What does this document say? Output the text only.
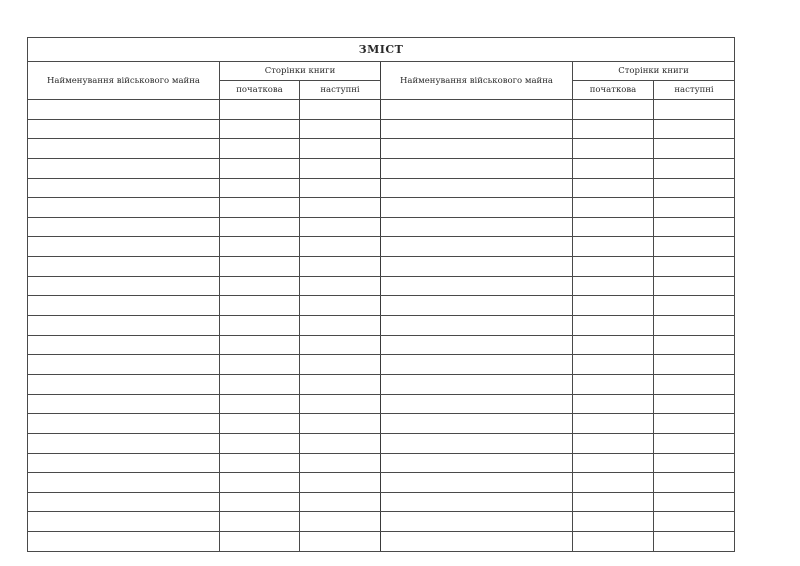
ЗМІСТ					
Найменування військового майна	Сторінки книги		Найменування військового майна	Сторінки книги	
	початкова	наступні		початкова	наступні
